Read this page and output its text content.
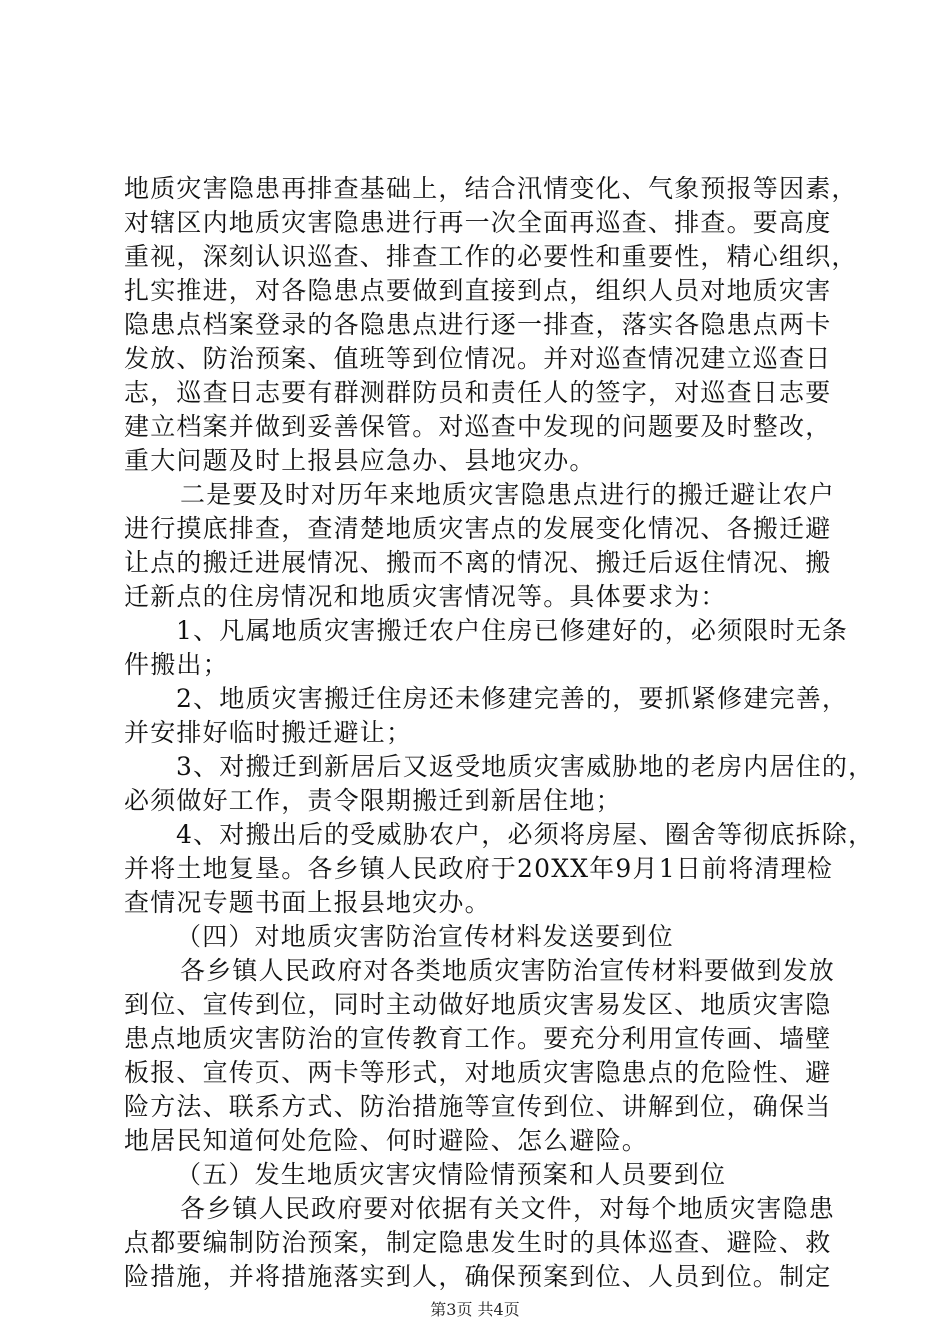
地质灾害隐患再排查基础上，结合汛情变化、气象预报等因素，
对辖区内地质灾害隐患进行再一次全面再巡查、排查。要高度
重视，深刻认识巡查、排查工作的必要性和重要性，精心组织，
扎实推进，对各隐患点要做到直接到点，组织人员对地质灾害
隐患点档案登录的各隐患点进行逐一排查，落实各隐患点两卡
发放、防治预案、值班等到位情况。并对巡查情况建立巡查日
志，巡查日志要有群测群防员和责任人的签字，对巡查日志要
建立档案并做到妥善保管。对巡查中发现的问题要及时整改，
重大问题及时上报县应急办、县地灾办。
二是要及时对历年来地质灾害隐患点进行的搬迁避让农户
进行摸底排查，查清楚地质灾害点的发展变化情况、各搬迁避
让点的搬迁进展情况、搬而不离的情况、搬迁后返住情况、搬
迁新点的住房情况和地质灾害情况等。具体要求为：
1、凡属地质灾害搬迁农户住房已修建好的，必须限时无条
件搬出；
2、地质灾害搬迁住房还未修建完善的，要抓紧修建完善，
并安排好临时搬迁避让；
3、对搬迁到新居后又返受地质灾害威胁地的老房内居住的，
必须做好工作，责令限期搬迁到新居住地；
4、对搬出后的受威胁农户，必须将房屋、圈舍等彻底拆除，
并将土地复垦。各乡镇人民政府于20XX年9月1日前将清理检
查情况专题书面上报县地灾办。
（四）对地质灾害防治宣传材料发送要到位
各乡镇人民政府对各类地质灾害防治宣传材料要做到发放
到位、宣传到位，同时主动做好地质灾害易发区、地质灾害隐
患点地质灾害防治的宣传教育工作。要充分利用宣传画、墙壁
板报、宣传页、两卡等形式，对地质灾害隐患点的危险性、避
险方法、联系方式、防治措施等宣传到位、讲解到位，确保当
地居民知道何处危险、何时避险、怎么避险。
（五）发生地质灾害灾情险情预案和人员要到位
各乡镇人民政府要对依据有关文件，对每个地质灾害隐患
点都要编制防治预案，制定隐患发生时的具体巡查、避险、救
险措施，并将措施落实到人，确保预案到位、人员到位。制定
第3页 共4页
